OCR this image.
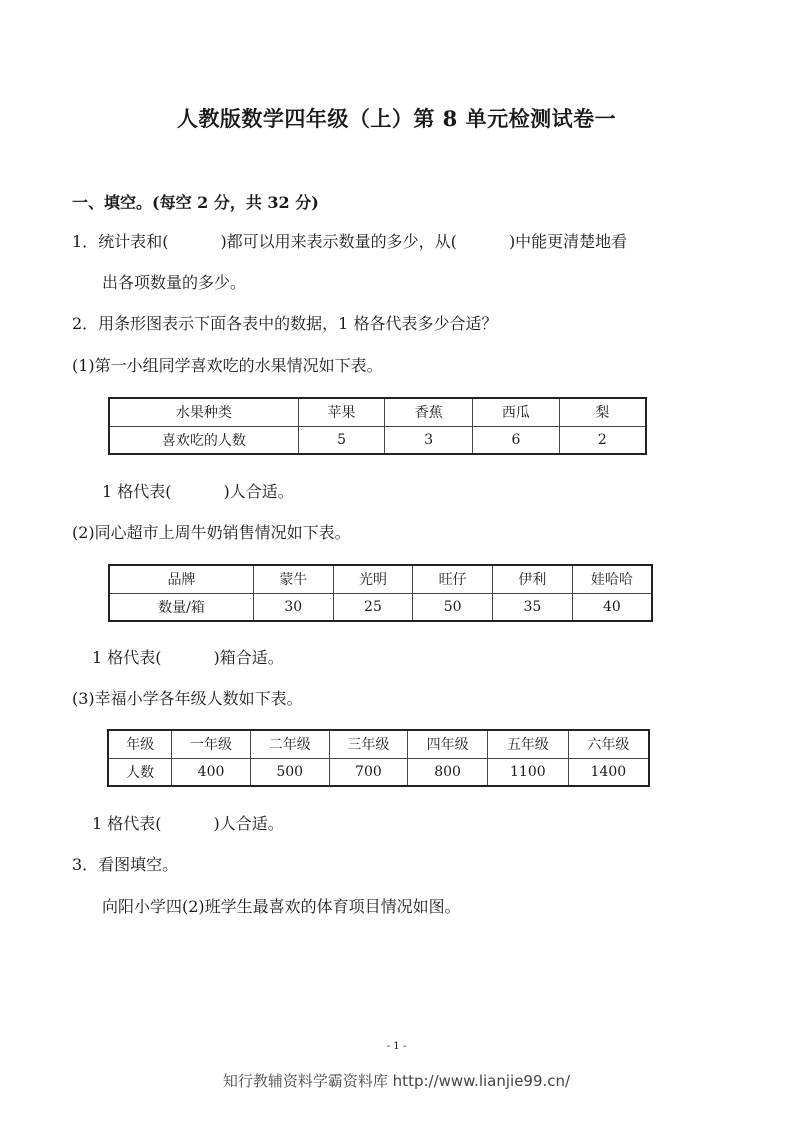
人教版数学四年级（上）第 8 单元检测试卷一
一、填空。(每空 2 分，共 32 分)
1．统计表和(	)都可以用来表示数量的多少，从(	)中能更清楚地看
出各项数量的多少。
2．用条形图表示下面各表中的数据，1 格各代表多少合适？
(1)第一小组同学喜欢吃的水果情况如下表。
水果种类	苹果	香蕉	西瓜	梨
喜欢吃的人数	5	3	6	2
1 格代表(	)人合适。
(2)同心超市上周牛奶销售情况如下表。
品牌	蒙牛	光明	旺仔	伊利	娃哈哈
数量/箱	30	25	50	35	40
1 格代表(	)箱合适。
(3)幸福小学各年级人数如下表。
年级	一年级	二年级	三年级	四年级	五年级	六年级
人数	400	500	700	800	1100	1400
1 格代表(	)人合适。
3．看图填空。
向阳小学四(2)班学生最喜欢的体育项目情况如图。
- 1 -
知行教辅资料学霸资料库 http://www.lianjie99.cn/
